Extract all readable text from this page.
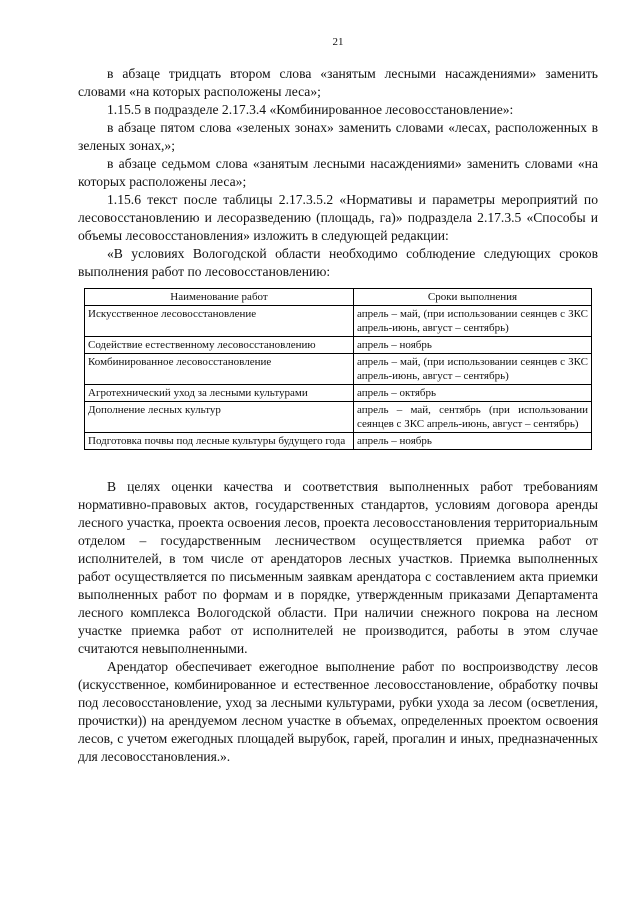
21

в абзаце тридцать втором слова «занятым лесными насаждениями» заменить словами «на которых расположены леса»;

1.15.5 в подразделе 2.17.3.4 «Комбинированное лесовосстановление»:

в абзаце пятом слова «зеленых зонах» заменить словами «лесах, расположенных в зеленых зонах,»;

в абзаце седьмом слова «занятым лесными насаждениями» заменить словами «на которых расположены леса»;

1.15.6 текст после таблицы 2.17.3.5.2 «Нормативы и параметры мероприятий по лесовосстановлению и лесоразведению (площадь, га)» подраздела 2.17.3.5 «Способы и объемы лесовосстановления» изложить в следующей редакции:

«В условиях Вологодской области необходимо соблюдение следующих сроков выполнения работ по лесовосстановлению:

Наименование работ	Сроки выполнения
Искусственное лесовосстановление	апрель – май, (при использовании сеянцев с ЗКС апрель-июнь, август – сентябрь)
Содействие естественному лесовосстановлению	апрель – ноябрь
Комбинированное лесовосстановление	апрель – май, (при использовании сеянцев с ЗКС апрель-июнь, август – сентябрь)
Агротехнический уход за лесными культурами	апрель – октябрь
Дополнение лесных культур	апрель – май, сентябрь (при использовании сеянцев с ЗКС апрель-июнь, август – сентябрь)
Подготовка почвы под лесные культуры будущего года	апрель – ноябрь

В целях оценки качества и соответствия выполненных работ требованиям нормативно-правовых актов, государственных стандартов, условиям договора аренды лесного участка, проекта освоения лесов, проекта лесовосстановления территориальным отделом – государственным лесничеством осуществляется приемка работ от исполнителей, в том числе от арендаторов лесных участков. Приемка выполненных работ осуществляется по письменным заявкам арендатора с составлением акта приемки выполненных работ по формам и в порядке, утвержденным приказами Департамента лесного комплекса Вологодской области. При наличии снежного покрова на лесном участке приемка работ от исполнителей не производится, работы в этом случае считаются невыполненными.

Арендатор обеспечивает ежегодное выполнение работ по воспроизводству лесов (искусственное, комбинированное и естественное лесовосстановление, обработку почвы под лесовосстановление, уход за лесными культурами, рубки ухода за лесом (осветления, прочистки)) на арендуемом лесном участке в объемах, определенных проектом освоения лесов, с учетом ежегодных площадей вырубок, гарей, прогалин и иных, предназначенных для лесовосстановления.».
